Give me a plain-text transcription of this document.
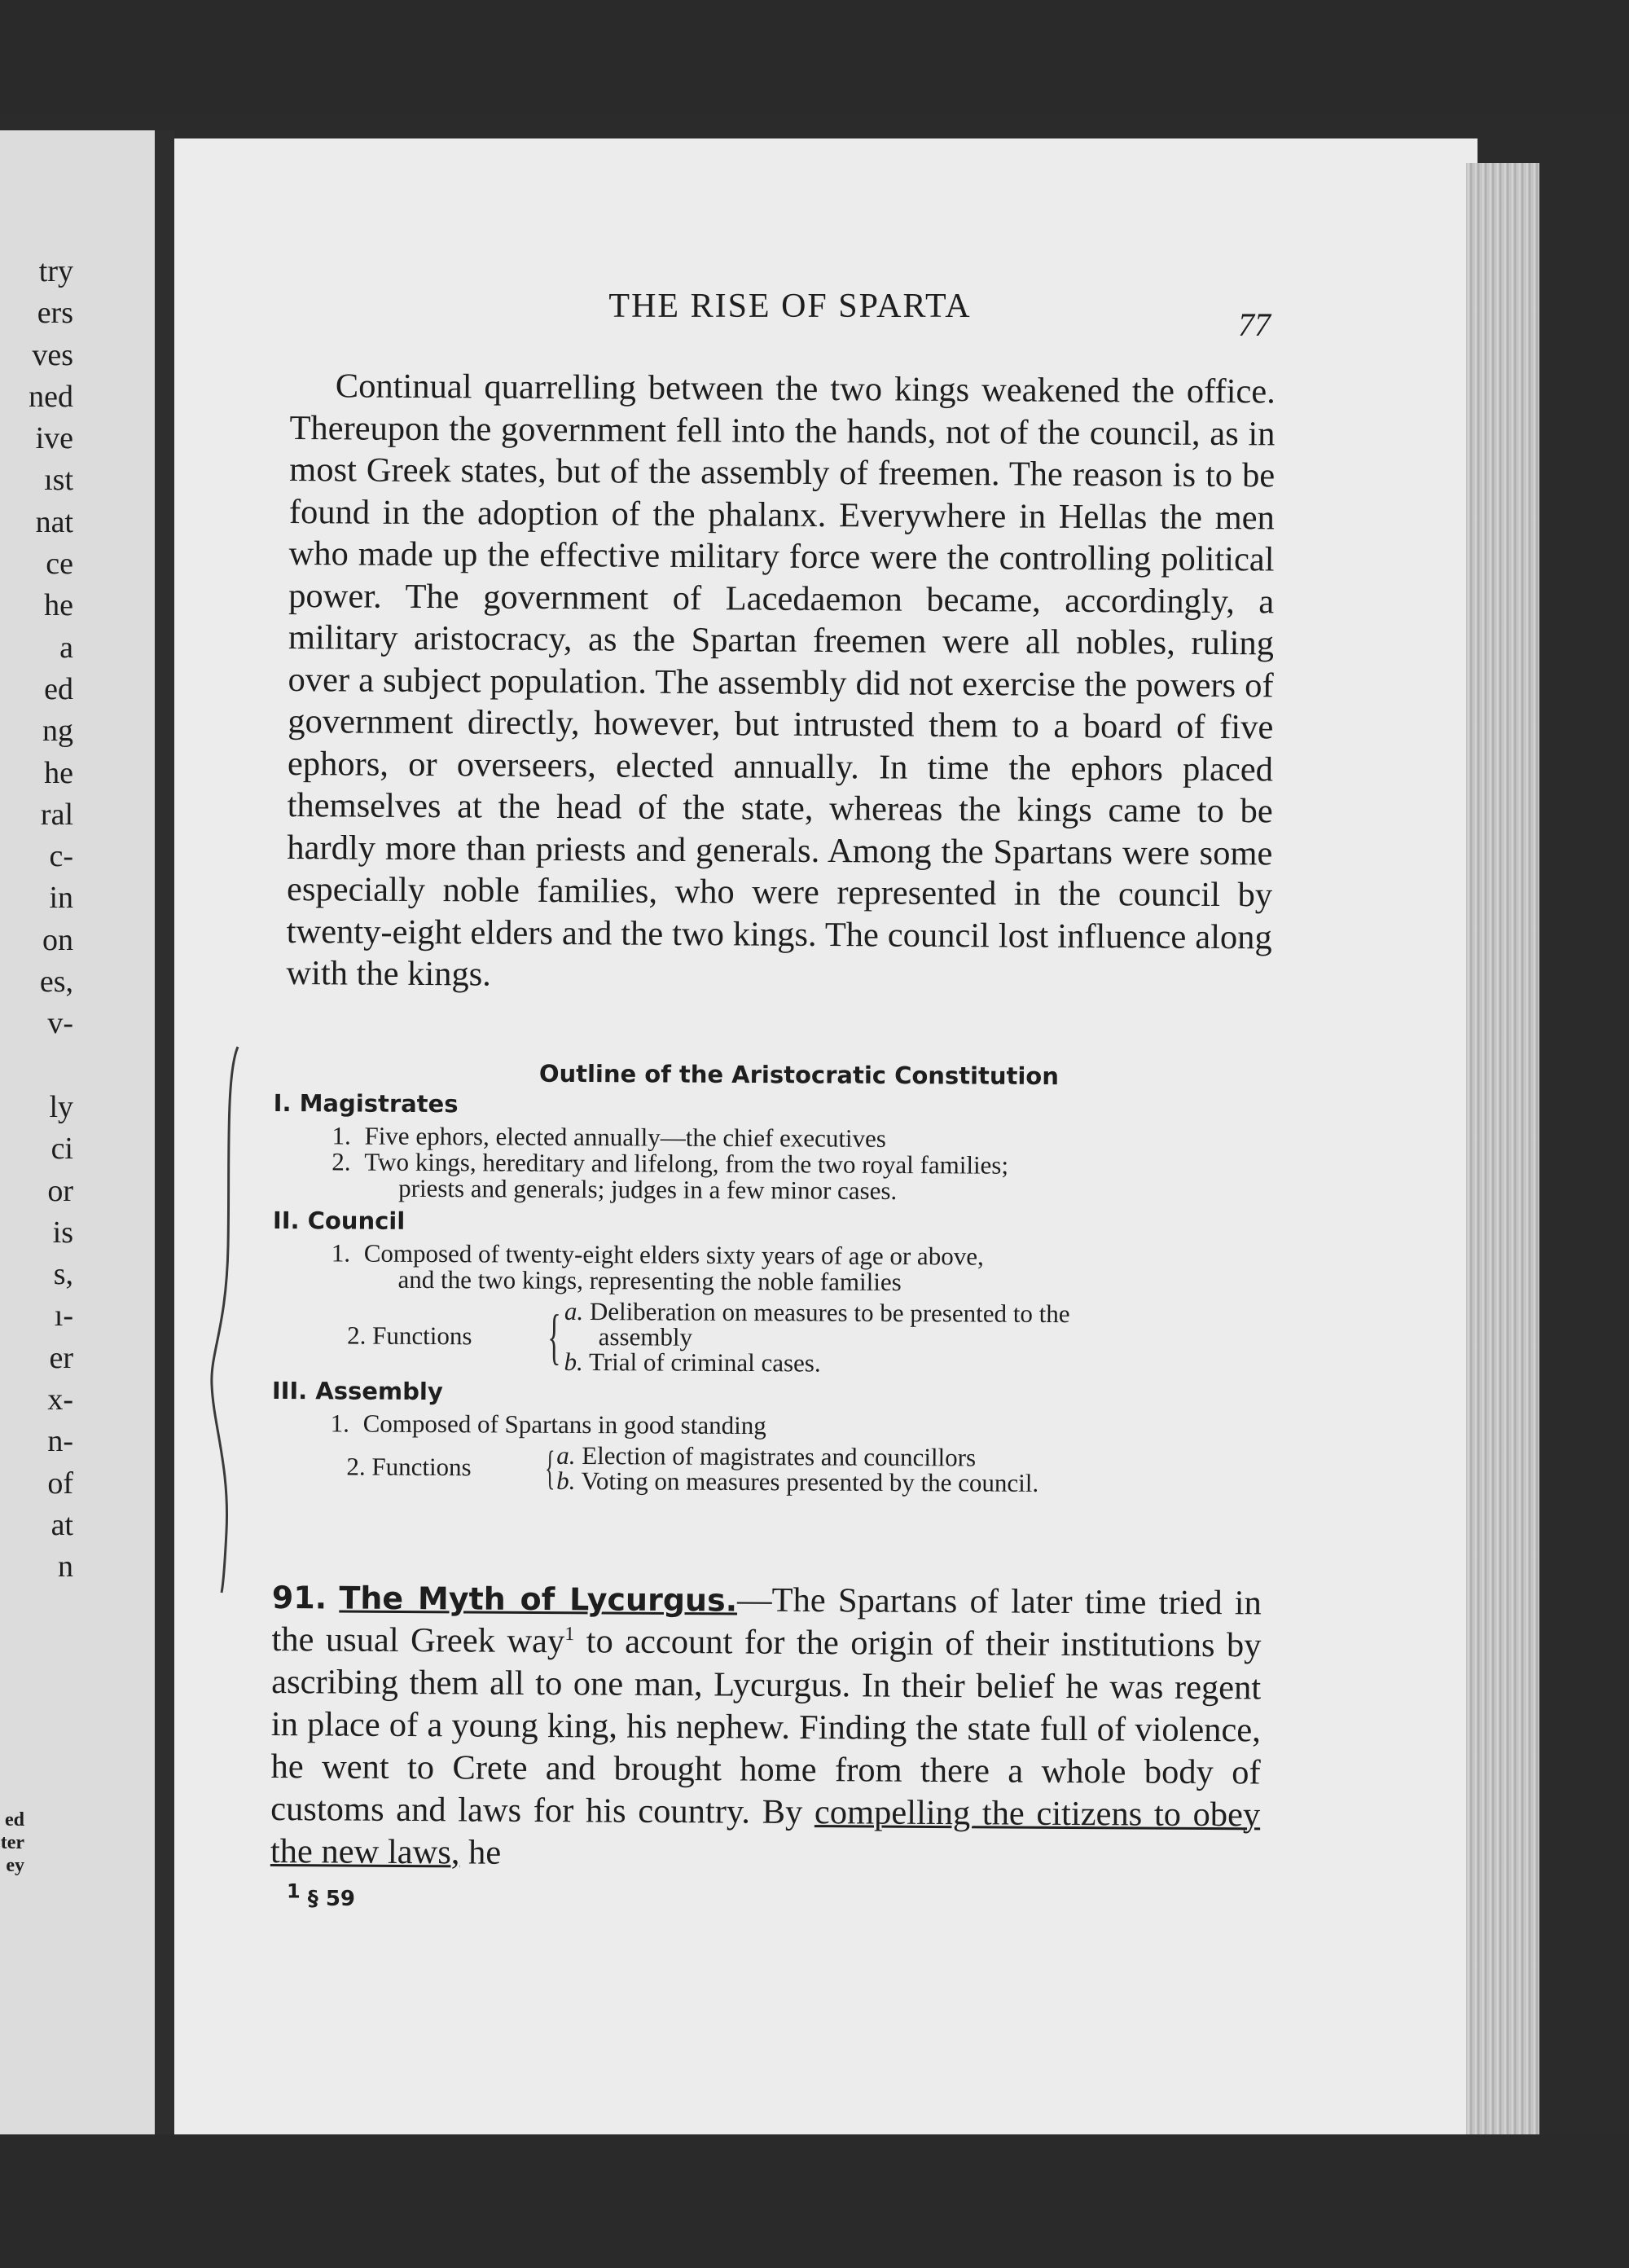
try
ers
ves
ned
ive
ıst
nat
ce
he
a
ed
ng
he
ral
c-
in
on
es,
v-
ly
ci
or
is
s,
ı-
er
x-
n-
of
at
n
ed
ter
ey
THE RISE OF SPARTA	77

Continual quarrelling between the two kings weakened the office. Thereupon the government fell into the hands, not of the council, as in most Greek states, but of the assembly of freemen. The reason is to be found in the adoption of the phalanx. Everywhere in Hellas the men who made up the effective military force were the controlling political power. The government of Lacedaemon became, accordingly, a military aristocracy, as the Spartan freemen were all nobles, ruling over a subject population. The assembly did not exercise the powers of government directly, however, but intrusted them to a board of five ephors, or overseers, elected annually. In time the ephors placed themselves at the head of the state, whereas the kings came to be hardly more than priests and generals. Among the Spartans were some especially noble families, who were represented in the council by twenty-eight elders and the two kings. The council lost influence along with the kings.

Outline of the Aristocratic Constitution
I. Magistrates
1. Five ephors, elected annually—the chief executives
2. Two kings, hereditary and lifelong, from the two royal families;
priests and generals; judges in a few minor cases.
II. Council
1. Composed of twenty-eight elders sixty years of age or above,
and the two kings, representing the noble families
2. Functions	{ a. Deliberation on measures to be presented to the
assembly
b. Trial of criminal cases.
III. Assembly
1. Composed of Spartans in good standing
2. Functions	{ a. Election of magistrates and councillors
b. Voting on measures presented by the council.

91. The Myth of Lycurgus.—The Spartans of later time tried in the usual Greek way$^1$ to account for the origin of their institutions by ascribing them all to one man, Lycurgus. In their belief he was regent in place of a young king, his nephew. Finding the state full of violence, he went to Crete and brought home from there a whole body of customs and laws for his country. By compelling the citizens to obey the new laws, he

1 § 59
